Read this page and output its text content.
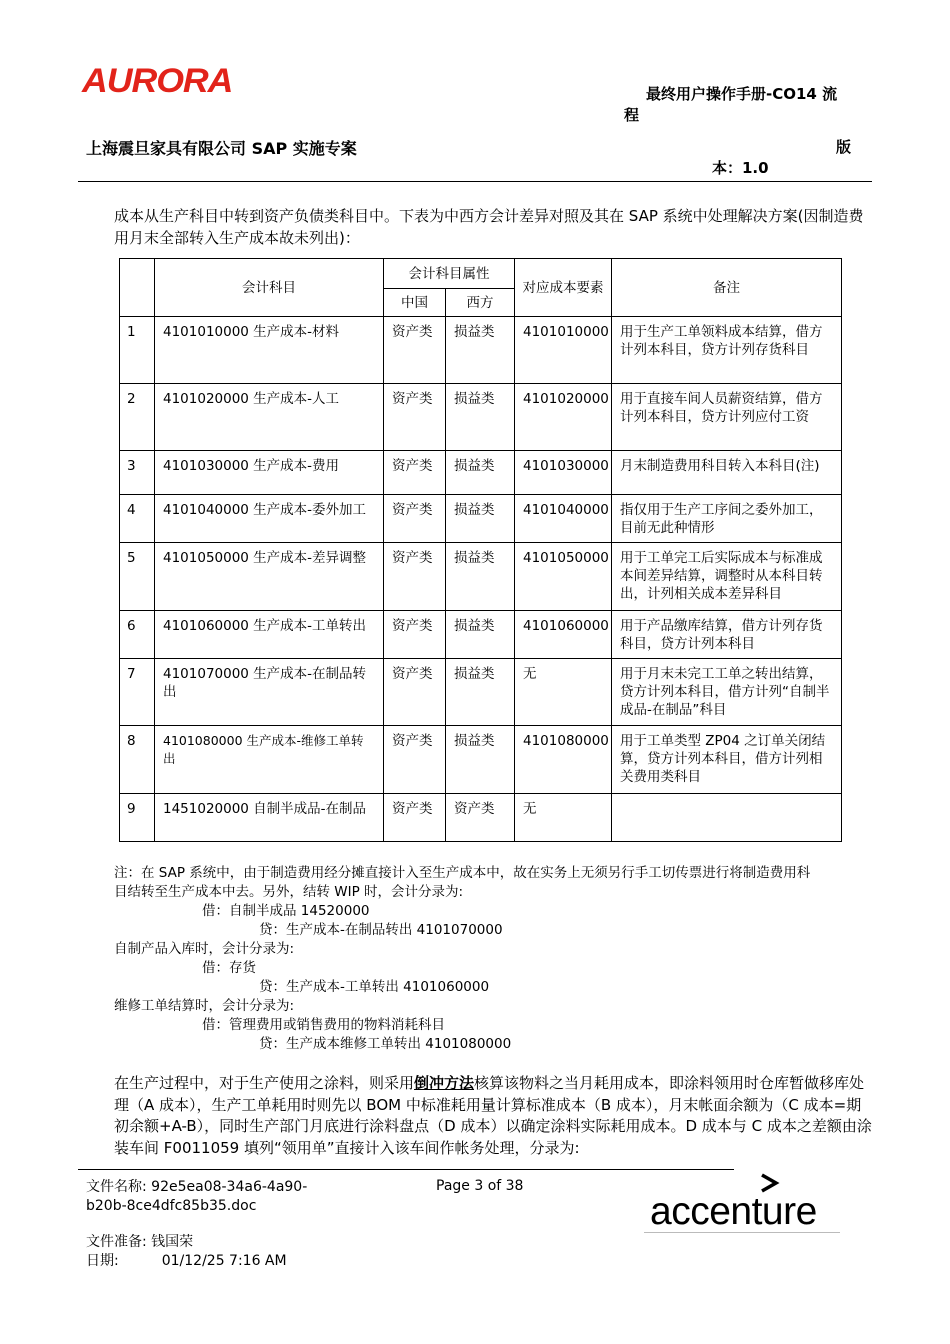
AURORA	最终用户操作手册-CO14 流
程
上海震旦家具有限公司 SAP 实施专案	版
本：1.0
成本从生产科目中转到资产负债类科目中。下表为中西方会计差异对照及其在 SAP 系统中处理解决方案(因制造费用月末全部转入生产成本故未列出)：
	会计科目	会计科目属性		对应成本要素	备注
		中国	西方		
1	4101010000 生产成本-材料	资产类	损益类	4101010000	用于生产工单领料成本结算，借方计列本科目，贷方计列存货科目
2	4101020000 生产成本-人工	资产类	损益类	4101020000	用于直接车间人员薪资结算，借方计列本科目，贷方计列应付工资
3	4101030000 生产成本-费用	资产类	损益类	4101030000	月末制造费用科目转入本科目(注)
4	4101040000 生产成本-委外加工	资产类	损益类	4101040000	指仅用于生产工序间之委外加工，目前无此种情形
5	4101050000 生产成本-差异调整	资产类	损益类	4101050000	用于工单完工后实际成本与标准成本间差异结算，调整时从本科目转出，计列相关成本差异科目
6	4101060000 生产成本-工单转出	资产类	损益类	4101060000	用于产品缴库结算，借方计列存货科目，贷方计列本科目
7	4101070000 生产成本-在制品转出	资产类	损益类	无	用于月末未完工工单之转出结算，贷方计列本科目，借方计列“自制半成品-在制品”科目
8	4101080000 生产成本-维修工单转出	资产类	损益类	4101080000	用于工单类型 ZP04 之订单关闭结算，贷方计列本科目，借方计列相关费用类科目
9	1451020000 自制半成品-在制品	资产类	资产类	无	
注：在 SAP 系统中，由于制造费用经分摊直接计入至生产成本中，故在实务上无须另行手工切传票进行将制造费用科
目结转至生产成本中去。另外，结转 WIP 时，会计分录为:
借：自制半成品 14520000
贷：生产成本-在制品转出 4101070000
自制产品入库时，会计分录为:
借：存货
贷：生产成本-工单转出 4101060000
维修工单结算时，会计分录为:
借：管理费用或销售费用的物料消耗科目
贷：生产成本维修工单转出 4101080000
在生产过程中，对于生产使用之涂料，则采用倒冲方法核算该物料之当月耗用成本，即涂料领用时仓库暂做移库处理（A 成本），生产工单耗用时则先以 BOM 中标准耗用量计算标准成本（B 成本），月末帐面余额为（C 成本=期初余额+A-B），同时生产部门月底进行涂料盘点（D 成本）以确定涂料实际耗用成本。D 成本与 C 成本之差额由涂装车间 F0011059 填列“领用单”直接计入该车间作帐务处理，分录为:
文件名称: 92e5ea08-34a6-4a90-b20b-8ce4dfc85b35.doc
Page 3 of 38
文件准备: 钱国荣
日期:	01/12/25 7:16 AM
accenture
